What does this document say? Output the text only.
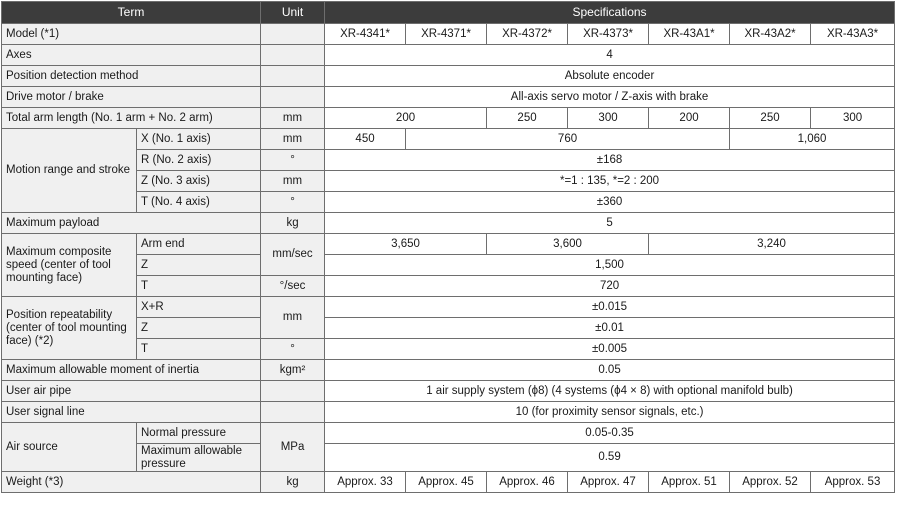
Term		Unit	Specifications						
Model (*1)			XR-4341*	XR-4371*	XR-4372*	XR-4373*	XR-43A1*	XR-43A2*	XR-43A3*
Axes			4						
Position detection method			Absolute encoder						
Drive motor / brake			All-axis servo motor / Z-axis with brake						
Total arm length (No. 1 arm + No. 2 arm)		mm	200		250	300	200	250	300
Motion range and stroke	X (No. 1 axis)	mm	450	760				1,060	
	R (No. 2 axis)	°	±168						
	Z (No. 3 axis)	mm	*=1 : 135, *=2 : 200						
	T (No. 4 axis)	°	±360						
Maximum payload		kg	5						
Maximum composite speed (center of tool mounting face)	Arm end	mm/sec	3,650		3,600		3,240		
	Z		1,500						
	T	°/sec	720						
Position repeatability (center of tool mounting face) (*2)	X+R	mm	±0.015						
	Z		±0.01						
	T	°	±0.005						
Maximum allowable moment of inertia		kgm²	0.05						
User air pipe			1 air supply system (ϕ8) (4 systems (ϕ4 × 8) with optional manifold bulb)						
User signal line			10 (for proximity sensor signals, etc.)						
Air source	Normal pressure	MPa	0.05-0.35						
	Maximum allowable pressure		0.59						
Weight (*3)		kg	Approx. 33	Approx. 45	Approx. 46	Approx. 47	Approx. 51	Approx. 52	Approx. 53
